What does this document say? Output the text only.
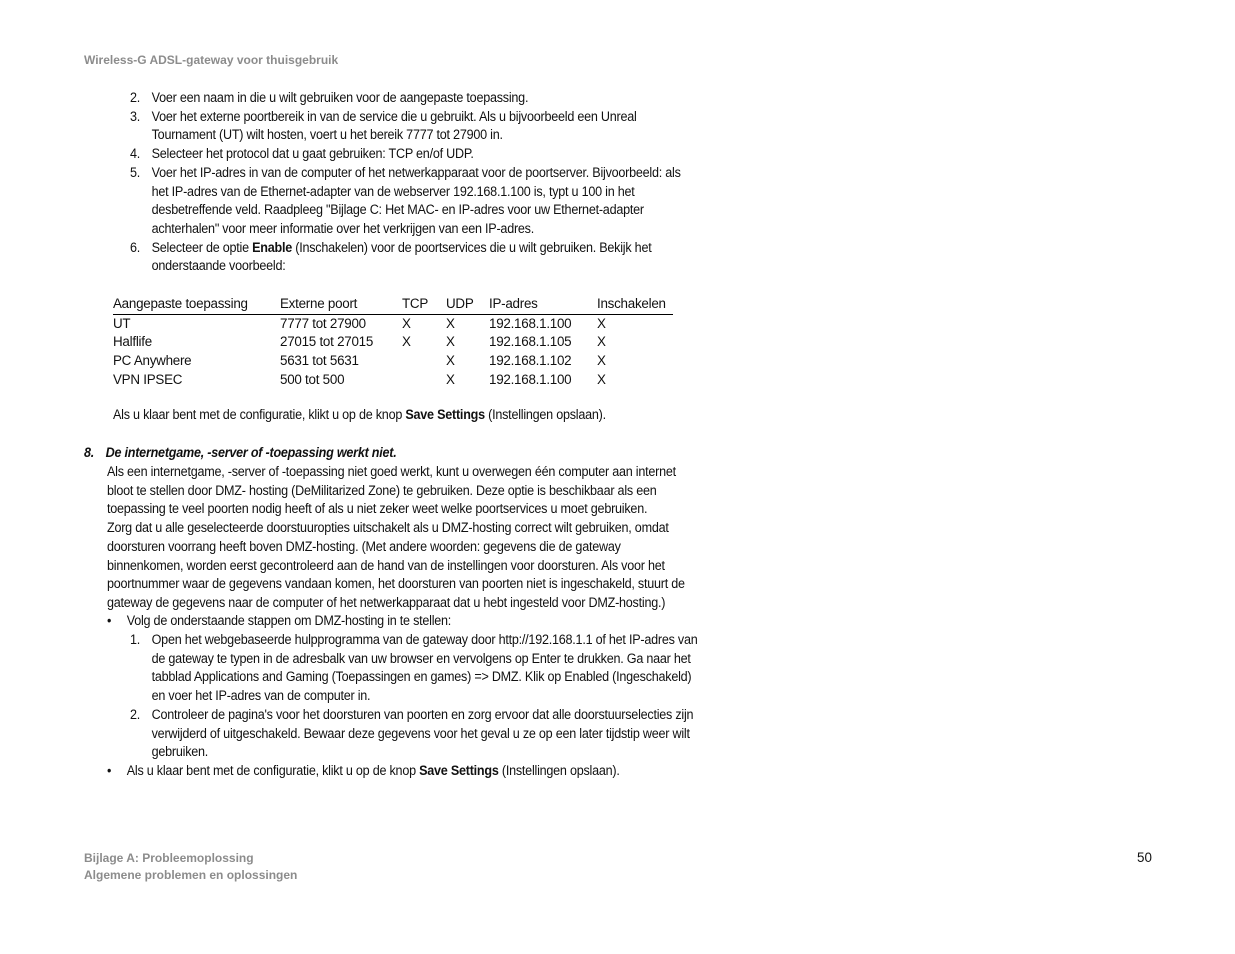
Wireless-G ADSL-gateway voor thuisgebruik
2. Voer een naam in die u wilt gebruiken voor de aangepaste toepassing.
3. Voer het externe poortbereik in van de service die u gebruikt. Als u bijvoorbeeld een Unreal
Tournament (UT) wilt hosten, voert u het bereik 7777 tot 27900 in.
4. Selecteer het protocol dat u gaat gebruiken: TCP en/of UDP.
5. Voer het IP-adres in van de computer of het netwerkapparaat voor de poortserver. Bijvoorbeeld: als
het IP-adres van de Ethernet-adapter van de webserver 192.168.1.100 is, typt u 100 in het
desbetreffende veld. Raadpleeg "Bijlage C: Het MAC- en IP-adres voor uw Ethernet-adapter
achterhalen" voor meer informatie over het verkrijgen van een IP-adres.
6. Selecteer de optie Enable (Inschakelen) voor de poortservices die u wilt gebruiken. Bekijk het
onderstaande voorbeeld:
Aangepaste toepassing	Externe poort	TCP	UDP	IP-adres	Inschakelen
UT	7777 tot 27900	X	X	192.168.1.100	X
Halflife	27015 tot 27015	X	X	192.168.1.105	X
PC Anywhere	5631 tot 5631		X	192.168.1.102	X
VPN IPSEC	500 tot 500		X	192.168.1.100	X
Als u klaar bent met de configuratie, klikt u op de knop Save Settings (Instellingen opslaan).
8. De internetgame, -server of -toepassing werkt niet.
Als een internetgame, -server of -toepassing niet goed werkt, kunt u overwegen één computer aan internet
bloot te stellen door DMZ- hosting (DeMilitarized Zone) te gebruiken. Deze optie is beschikbaar als een
toepassing te veel poorten nodig heeft of als u niet zeker weet welke poortservices u moet gebruiken.
Zorg dat u alle geselecteerde doorstuuropties uitschakelt als u DMZ-hosting correct wilt gebruiken, omdat
doorsturen voorrang heeft boven DMZ-hosting. (Met andere woorden: gegevens die de gateway
binnenkomen, worden eerst gecontroleerd aan de hand van de instellingen voor doorsturen. Als voor het
poortnummer waar de gegevens vandaan komen, het doorsturen van poorten niet is ingeschakeld, stuurt de
gateway de gegevens naar de computer of het netwerkapparaat dat u hebt ingesteld voor DMZ-hosting.)
• Volg de onderstaande stappen om DMZ-hosting in te stellen:
1. Open het webgebaseerde hulpprogramma van de gateway door http://192.168.1.1 of het IP-adres van
de gateway te typen in de adresbalk van uw browser en vervolgens op Enter te drukken. Ga naar het
tabblad Applications and Gaming (Toepassingen en games) => DMZ. Klik op Enabled (Ingeschakeld)
en voer het IP-adres van de computer in.
2. Controleer de pagina's voor het doorsturen van poorten en zorg ervoor dat alle doorstuurselecties zijn
verwijderd of uitgeschakeld. Bewaar deze gegevens voor het geval u ze op een later tijdstip weer wilt
gebruiken.
• Als u klaar bent met de configuratie, klikt u op de knop Save Settings (Instellingen opslaan).
Bijlage A: Probleemoplossing
Algemene problemen en oplossingen
50
